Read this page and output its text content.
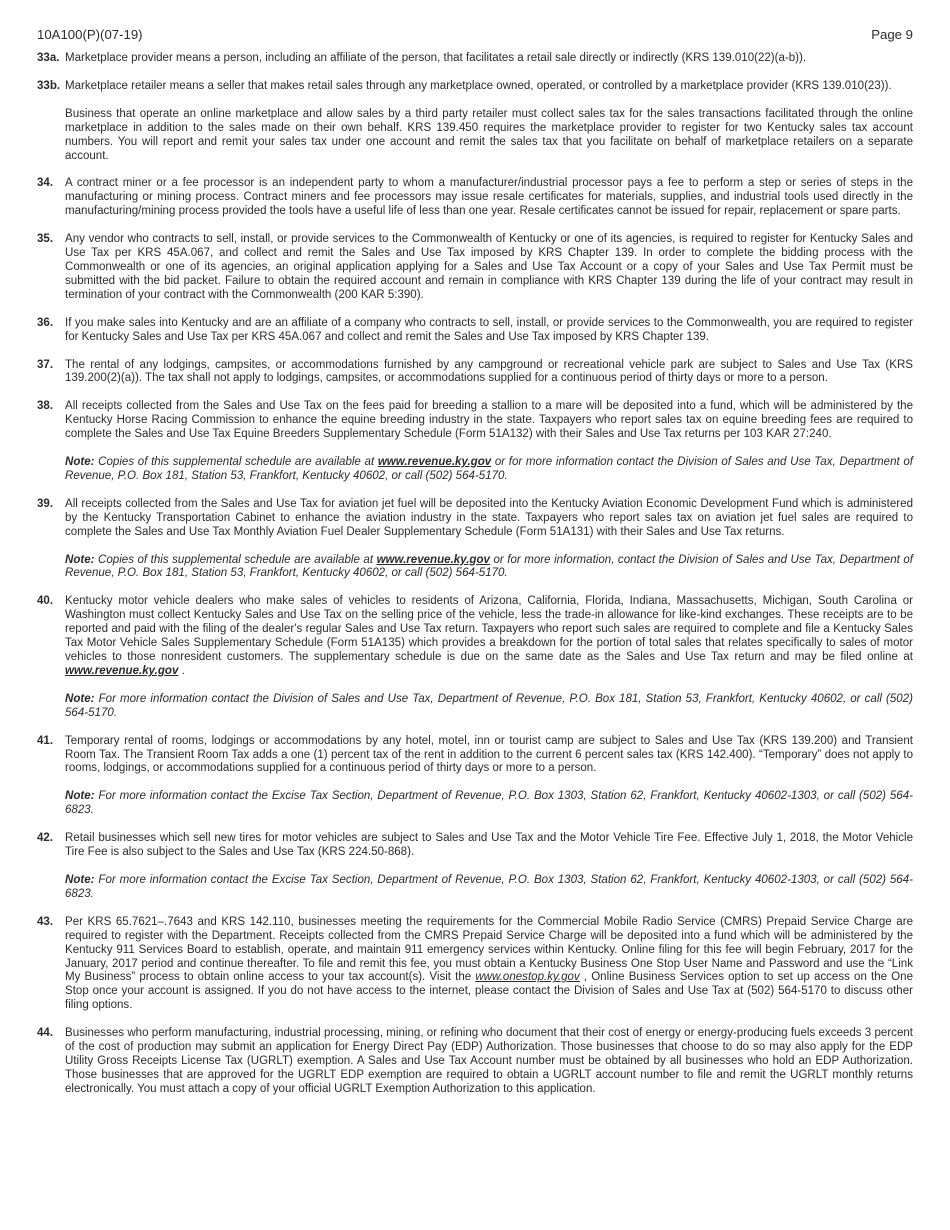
10A100(P)(07-19)	Page 9
33a. Marketplace provider means a person, including an affiliate of the person, that facilitates a retail sale directly or indirectly (KRS 139.010(22)(a-b)).
33b. Marketplace retailer means a seller that makes retail sales through any marketplace owned, operated, or controlled by a marketplace provider (KRS 139.010(23)).
Business that operate an online marketplace and allow sales by a third party retailer must collect sales tax for the sales transactions facilitated through the online marketplace in addition to the sales made on their own behalf. KRS 139.450 requires the marketplace provider to register for two Kentucky sales tax account numbers. You will report and remit your sales tax under one account and remit the sales tax that you facilitate on behalf of marketplace retailers on a separate account.
34.	A contract miner or a fee processor is an independent party to whom a manufacturer/industrial processor pays a fee to perform a step or series of steps in the manufacturing or mining process. Contract miners and fee processors may issue resale certificates for materials, supplies, and industrial tools used directly in the manufacturing/mining process provided the tools have a useful life of less than one year. Resale certificates cannot be issued for repair, replacement or spare parts.
35.	Any vendor who contracts to sell, install, or provide services to the Commonwealth of Kentucky or one of its agencies, is required to register for Kentucky Sales and Use Tax per KRS 45A.067, and collect and remit the Sales and Use Tax imposed by KRS Chapter 139. In order to complete the bidding process with the Commonwealth or one of its agencies, an original application applying for a Sales and Use Tax Account or a copy of your Sales and Use Tax Permit must be submitted with the bid packet. Failure to obtain the required account and remain in compliance with KRS Chapter 139 during the life of your contract may result in termination of your contract with the Commonwealth (200 KAR 5:390).
36.	If you make sales into Kentucky and are an affiliate of a company who contracts to sell, install, or provide services to the Commonwealth, you are required to register for Kentucky Sales and Use Tax per KRS 45A.067 and collect and remit the Sales and Use Tax imposed by KRS Chapter 139.
37.	The rental of any lodgings, campsites, or accommodations furnished by any campground or recreational vehicle park are subject to Sales and Use Tax (KRS 139.200(2)(a)). The tax shall not apply to lodgings, campsites, or accommodations supplied for a continuous period of thirty days or more to a person.
38.	All receipts collected from the Sales and Use Tax on the fees paid for breeding a stallion to a mare will be deposited into a fund, which will be administered by the Kentucky Horse Racing Commission to enhance the equine breeding industry in the state. Taxpayers who report sales tax on equine breeding fees are required to complete the Sales and Use Tax Equine Breeders Supplementary Schedule (Form 51A132) with their Sales and Use Tax returns per 103 KAR 27:240.
Note: Copies of this supplemental schedule are available at www.revenue.ky.gov or for more information contact the Division of Sales and Use Tax, Department of Revenue, P.O. Box 181, Station 53, Frankfort, Kentucky 40602, or call (502) 564-5170.
39.	All receipts collected from the Sales and Use Tax for aviation jet fuel will be deposited into the Kentucky Aviation Economic Development Fund which is administered by the Kentucky Transportation Cabinet to enhance the aviation industry in the state. Taxpayers who report sales tax on aviation jet fuel sales are required to complete the Sales and Use Tax Monthly Aviation Fuel Dealer Supplementary Schedule (Form 51A131) with their Sales and Use Tax returns.
Note: Copies of this supplemental schedule are available at www.revenue.ky.gov or for more information, contact the Division of Sales and Use Tax, Department of Revenue, P.O. Box 181, Station 53, Frankfort, Kentucky 40602, or call (502) 564-5170.
40.	Kentucky motor vehicle dealers who make sales of vehicles to residents of Arizona, California, Florida, Indiana, Massachusetts, Michigan, South Carolina or Washington must collect Kentucky Sales and Use Tax on the selling price of the vehicle, less the trade-in allowance for like-kind exchanges. These receipts are to be reported and paid with the filing of the dealer's regular Sales and Use Tax return. Taxpayers who report such sales are required to complete and file a Kentucky Sales Tax Motor Vehicle Sales Supplementary Schedule (Form 51A135) which provides a breakdown for the portion of total sales that relates specifically to sales of motor vehicles to those nonresident customers. The supplementary schedule is due on the same date as the Sales and Use Tax return and may be filed online at www.revenue.ky.gov .
Note: For more information contact the Division of Sales and Use Tax, Department of Revenue, P.O. Box 181, Station 53, Frankfort, Kentucky 40602, or call (502) 564-5170.
41.	Temporary rental of rooms, lodgings or accommodations by any hotel, motel, inn or tourist camp are subject to Sales and Use Tax (KRS 139.200) and Transient Room Tax. The Transient Room Tax adds a one (1) percent tax of the rent in addition to the current 6 percent sales tax (KRS 142.400). “Temporary” does not apply to rooms, lodgings, or accommodations supplied for a continuous period of thirty days or more to a person.
Note: For more information contact the Excise Tax Section, Department of Revenue, P.O. Box 1303, Station 62, Frankfort, Kentucky 40602-1303, or call (502) 564-6823.
42.	Retail businesses which sell new tires for motor vehicles are subject to Sales and Use Tax and the Motor Vehicle Tire Fee. Effective July 1, 2018, the Motor Vehicle Tire Fee is also subject to the Sales and Use Tax (KRS 224.50-868).
Note: For more information contact the Excise Tax Section, Department of Revenue, P.O. Box 1303, Station 62, Frankfort, Kentucky 40602-1303, or call (502) 564-6823.
43.	Per KRS 65.7621–.7643 and KRS 142.110, businesses meeting the requirements for the Commercial Mobile Radio Service (CMRS) Prepaid Service Charge are required to register with the Department. Receipts collected from the CMRS Prepaid Service Charge will be deposited into a fund which will be administered by the Kentucky 911 Services Board to establish, operate, and maintain 911 emergency services within Kentucky. Online filing for this fee will begin February, 2017 for the January, 2017 period and continue thereafter. To file and remit this fee, you must obtain a Kentucky Business One Stop User Name and Password and use the “Link My Business” process to obtain online access to your tax account(s). Visit the www.onestop.ky.gov , Online Business Services option to set up access on the One Stop once your account is assigned. If you do not have access to the internet, please contact the Division of Sales and Use Tax at (502) 564-5170 to discuss other filing options.
44.	Businesses who perform manufacturing, industrial processing, mining, or refining who document that their cost of energy or energy-producing fuels exceeds 3 percent of the cost of production may submit an application for Energy Direct Pay (EDP) Authorization. Those businesses that choose to do so may also apply for the EDP Utility Gross Receipts License Tax (UGRLT) exemption. A Sales and Use Tax Account number must be obtained by all businesses who hold an EDP Authorization. Those businesses that are approved for the UGRLT EDP exemption are required to obtain a UGRLT account number to file and remit the UGRLT monthly returns electronically. You must attach a copy of your official UGRLT Exemption Authorization to this application.
